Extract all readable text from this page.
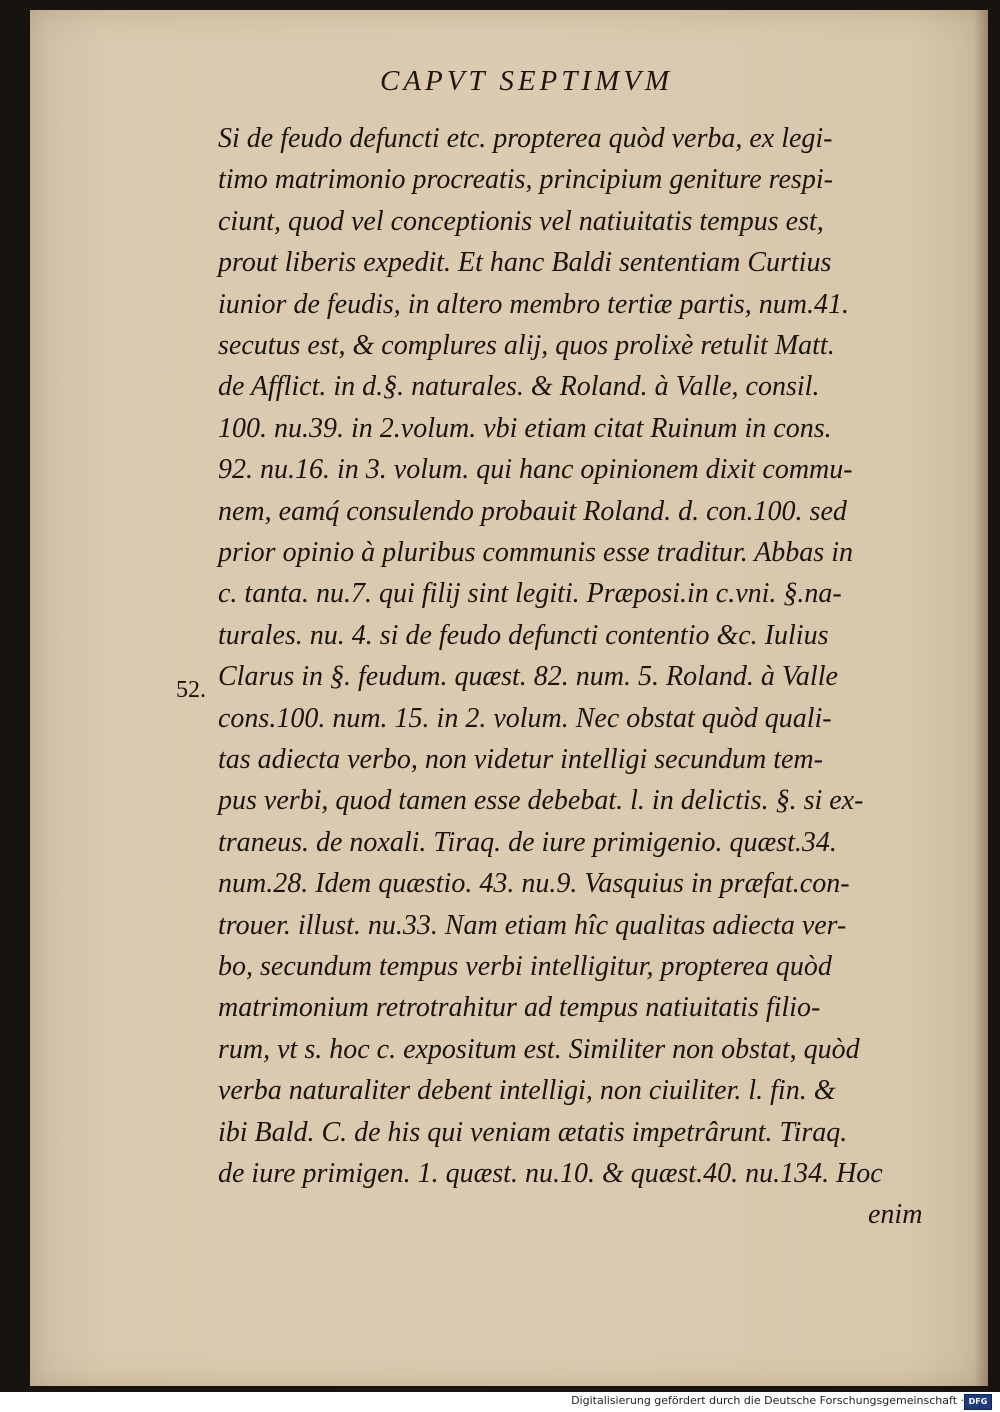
CAPVT SEPTIMVM
Si de feudo defuncti etc. propterea quòd verba, ex legi-
timo matrimonio procreatis, principium geniture respi-
ciunt, quod vel conceptionis vel natiuitatis tempus est,
prout liberis expedit. Et hanc Baldi sententiam Curtius
iunior de feudis, in altero membro tertiæ partis, num.41.
secutus est, & complures alij, quos prolixè retulit Matt.
de Afflict. in d.§. naturales. & Roland. à Valle, consil.
100. nu.39. in 2.volum. vbi etiam citat Ruinum in cons.
92. nu.16. in 3. volum. qui hanc opinionem dixit commu-
nem, eamq́ consulendo probauit Roland. d. con.100. sed
prior opinio à pluribus communis esse traditur. Abbas in
c. tanta. nu.7. qui filij sint legiti. Præposi.in c.vni. §.na-
turales. nu. 4. si de feudo defuncti contentio &c. Iulius
Clarus in §. feudum. quæst. 82. num. 5. Roland. à Valle
cons.100. num. 15. in 2. volum. Nec obstat quòd quali-
tas adiecta verbo, non videtur intelligi secundum tem-
pus verbi, quod tamen esse debebat. l. in delictis. §. si ex-
traneus. de noxali. Tiraq. de iure primigenio. quæst.34.
num.28. Idem quæstio. 43. nu.9. Vasquius in præfat.con-
trouer. illust. nu.33. Nam etiam hîc qualitas adiecta ver-
bo, secundum tempus verbi intelligitur, propterea quòd
matrimonium retrotrahitur ad tempus natiuitatis filio-
rum, vt s. hoc c. expositum est. Similiter non obstat, quòd
verba naturaliter debent intelligi, non ciuiliter. l. fin. &
ibi Bald. C. de his qui veniam ætatis impetrârunt. Tiraq.
de iure primigen. 1. quæst. nu.10. & quæst.40. nu.134. Hoc
enim
52.
Digitalisierung gefördert durch die Deutsche Forschungsgemeinschaft · DFG
